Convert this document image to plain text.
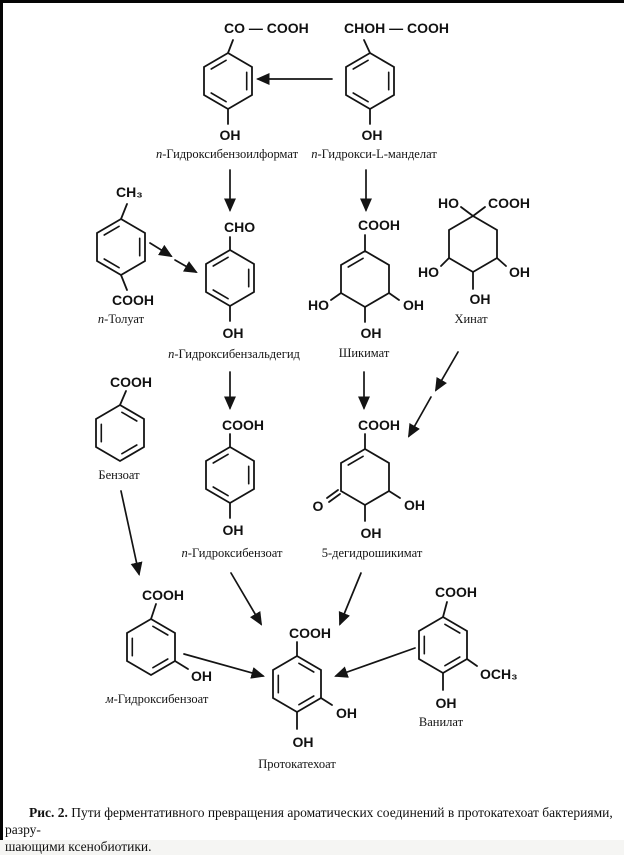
CO — COOH
OH
п-Гидроксибензоилформат
CHOH — COOH
OH
п-Гидрокси-L-манделат
CH₃
COOH
п-Толуат
CHO
OH
п-Гидроксибензальдегид
COOH
HO	OH
OH
Шикимат
HO COOH
HO	OH
OH
Хинат
COOH
Бензоат
COOH
OH
п-Гидроксибензоат
COOH
O	OH
OH
5-дегидрошикимат
COOH
OH
м-Гидроксибензоат
COOH
OH
OH
Протокатехоат
COOH
OCH₃
OH
Ванилат
Рис. 2. Пути ферментативного превращения ароматических соединений в протокатехоат бактериями, разру-
шающими ксенобиотики.
